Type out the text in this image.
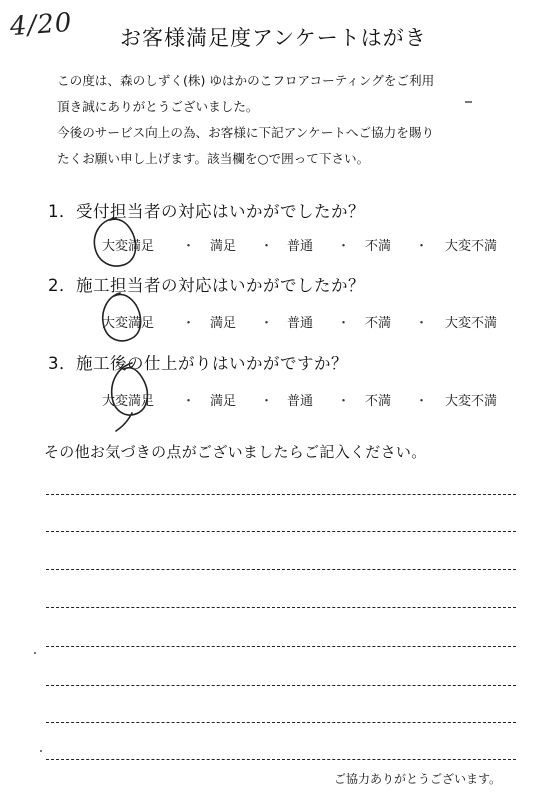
4/20 お客様満足度アンケートはがき
この度は、森のしずく(株) ゆはかのこフロアコーティングをご利用
頂き誠にありがとうございました。
今後のサービス向上の為、お客様に下記アンケートへご協力を賜り
たくお願い申し上げます。該当欄を○で囲って下さい。
1．受付担当者の対応はいかがでしたか？
大変満足 ・ 満足 ・ 普通 ・ 不満 ・ 大変不満
2．施工担当者の対応はいかがでしたか？
大変満足 ・ 満足 ・ 普通 ・ 不満 ・ 大変不満
3．施工後の仕上がりはいかがですか？
大変満足 ・ 満足 ・ 普通 ・ 不満 ・ 大変不満
その他お気づきの点がございましたらご記入ください。
ご協力ありがとうございます。
